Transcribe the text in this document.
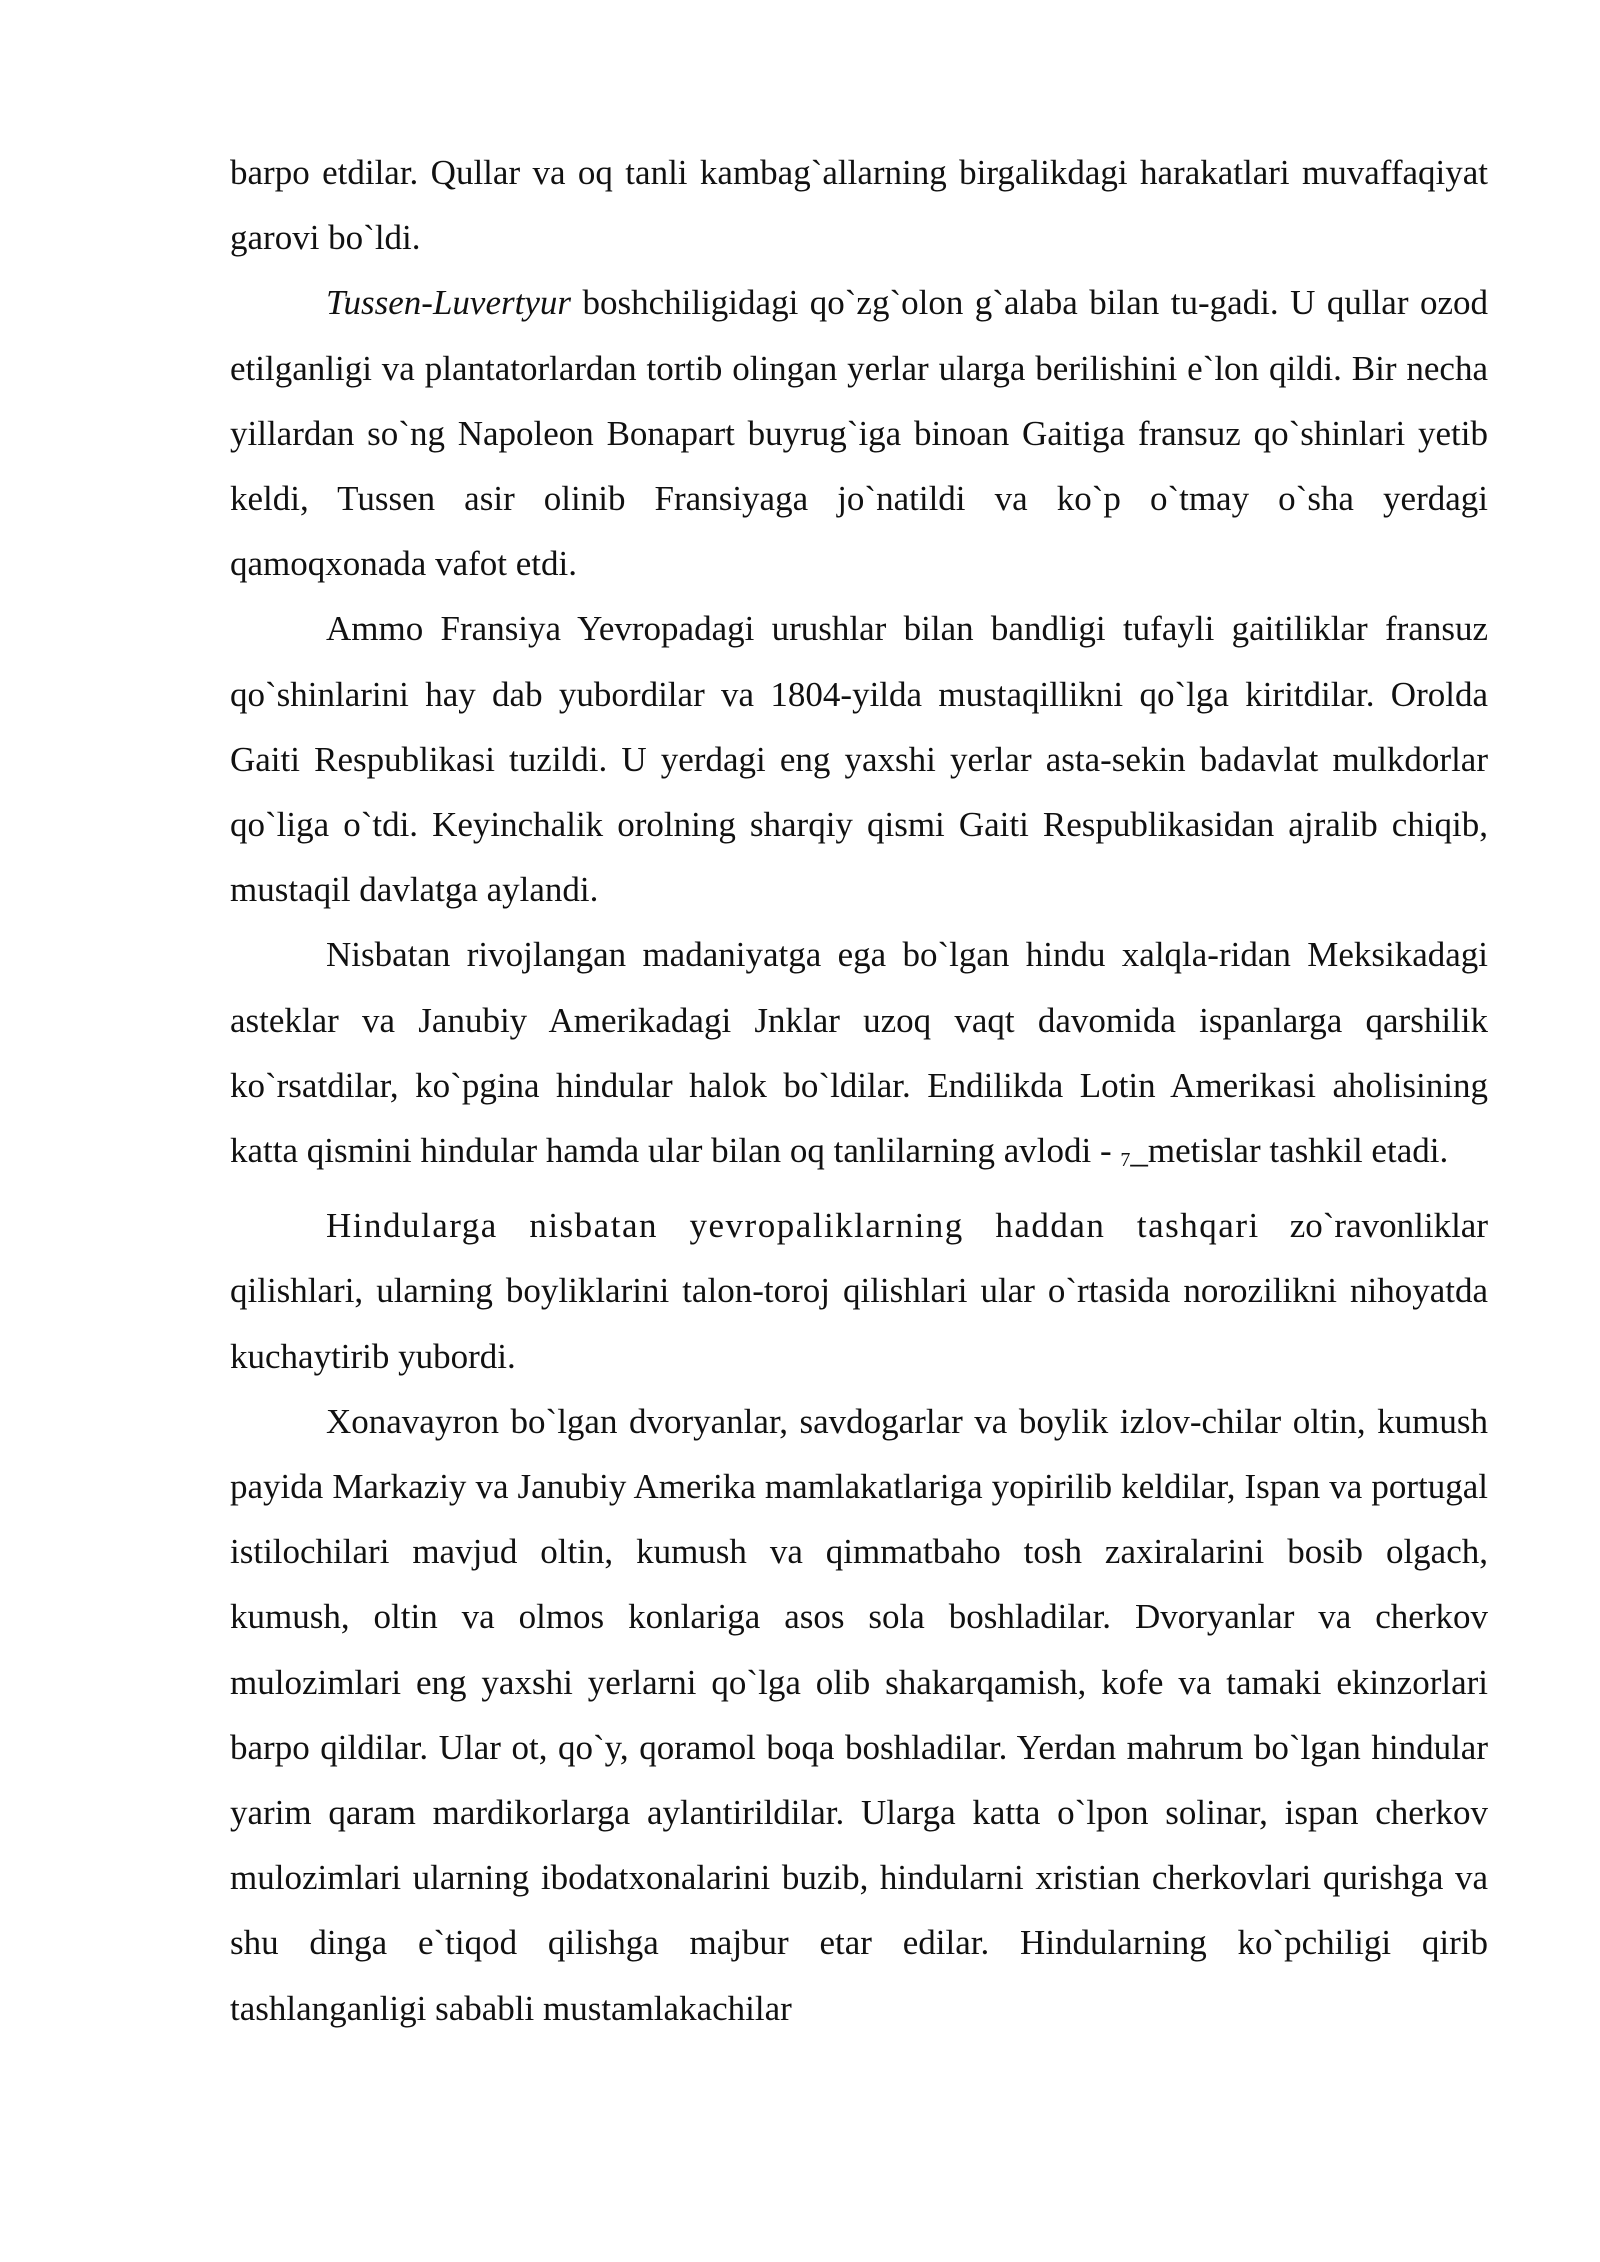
barpo etdilar. Qullar va oq tanli kambag`allarning birgalikdagi harakatlari muvaffaqiyat garovi bo`ldi.

Tussen-Luvertyur boshchiligidagi qo`zg`olon g`alaba bilan tu-gadi. U qullar ozod etilganligi va plantatorlardan tortib olingan yerlar ularga berilishini e`lon qildi. Bir necha yillardan so`ng Napoleon Bonapart buyrug`iga binoan Gaitiga fransuz qo`shinlari yetib keldi, Tussen asir olinib Fransiyaga jo`natildi va ko`p o`tmay o`sha yerdagi qamoqxonada vafot etdi.

Ammo Fransiya Yevropadagi urushlar bilan bandligi tufayli gaitiliklar fransuz qo`shinlarini hay dab yubordilar va 1804-yilda mustaqillikni qo`lga kiritdilar. Orolda Gaiti Respublikasi tuzildi. U yerdagi eng yaxshi yerlar asta-sekin badavlat mulkdorlar qo`liga o`tdi. Keyinchalik orolning sharqiy qismi Gaiti Respublikasidan ajralib chiqib, mustaqil davlatga aylandi.

Nisbatan rivojlangan madaniyatga ega bo`lgan hindu xalqla-ridan Meksikadagi asteklar va Janubiy Amerikadagi Jnklar uzoq vaqt davomida ispanlarga qarshilik ko`rsatdilar, ko`pgina hindular halok bo`ldilar. Endilikda Lotin Amerikasi aholisining katta qismini hindular hamda ular bilan oq tanlilarning avlodi - 7_metislar tashkil etadi.

Hindularga nisbatan yevropaliklarning haddan tashqari zo`ravonliklar qilishlari, ularning boyliklarini talon-toroj qilishlari ular o`rtasida norozilikni nihoyatda kuchaytirib yubordi.

Xonavayron bo`lgan dvoryanlar, savdogarlar va boylik izlov-chilar oltin, kumush payida Markaziy va Janubiy Amerika mamlakatlariga yopirilib keldilar, Ispan va portugal istilochilari mavjud oltin, kumush va qimmatbaho tosh zaxiralarini bosib olgach, kumush, oltin va olmos konlariga asos sola boshladilar. Dvoryanlar va cherkov mulozimlari eng yaxshi yerlarni qo`lga olib shakarqamish, kofe va tamaki ekinzorlari barpo qildilar. Ular ot, qo`y, qoramol boqa boshladilar. Yerdan mahrum bo`lgan hindular yarim qaram mardikorlarga aylantirildilar. Ularga katta o`lpon solinar, ispan cherkov mulozimlari ularning ibodatxonalarini buzib, hindularni xristian cherkovlari qurishga va shu dinga e`tiqod qilishga majbur etar edilar. Hindularning ko`pchiligi qirib tashlanganligi sababli mustamlakachilar
